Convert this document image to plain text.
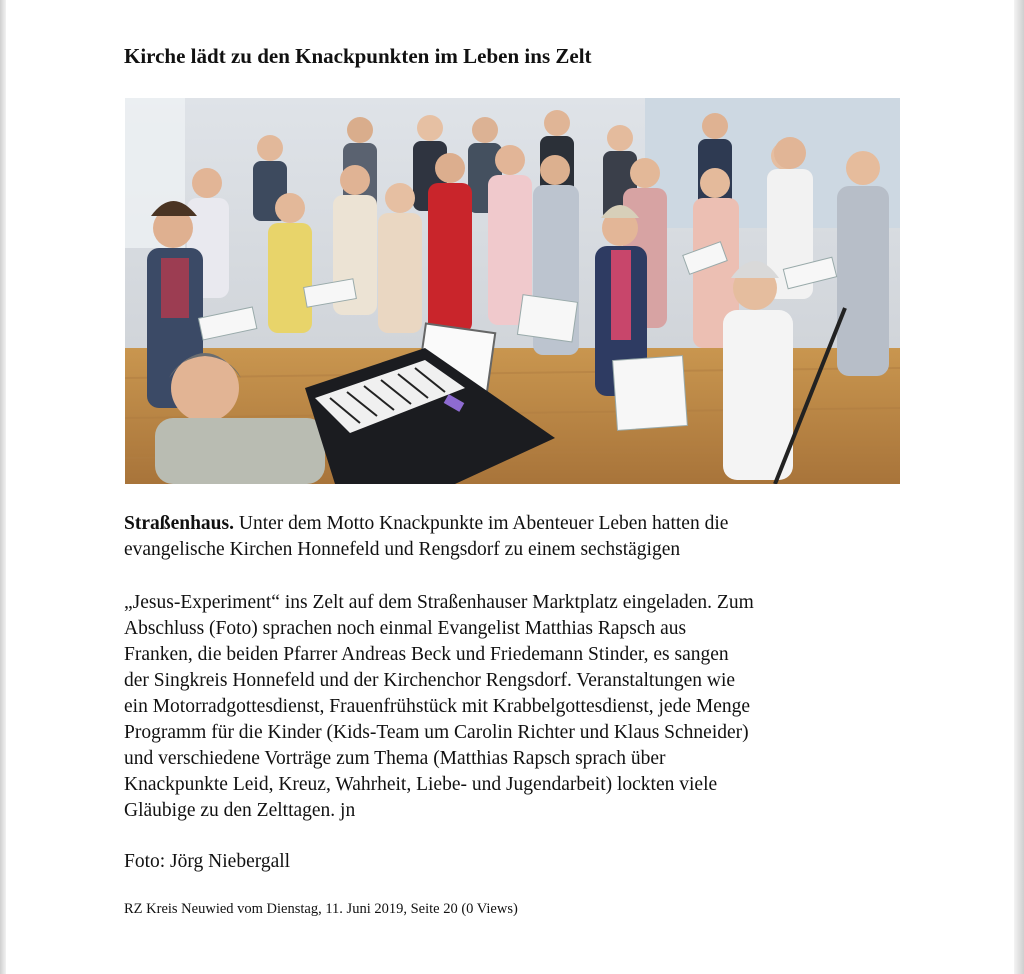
Kirche lädt zu den Knackpunkten im Leben ins Zelt
Straßenhaus. Unter dem Motto Knackpunkte im Abenteuer Leben hatten die
evangelische Kirchen Honnefeld und Rengsdorf zu einem sechstägigen
„Jesus-Experiment“ ins Zelt auf dem Straßenhauser Marktplatz eingeladen. Zum
Abschluss (Foto) sprachen noch einmal Evangelist Matthias Rapsch aus
Franken, die beiden Pfarrer Andreas Beck und Friedemann Stinder, es sangen
der Singkreis Honnefeld und der Kirchenchor Rengsdorf. Veranstaltungen wie
ein Motorradgottesdienst, Frauenfrühstück mit Krabbelgottesdienst, jede Menge
Programm für die Kinder (Kids-Team um Carolin Richter und Klaus Schneider)
und verschiedene Vorträge zum Thema (Matthias Rapsch sprach über
Knackpunkte Leid, Kreuz, Wahrheit, Liebe- und Jugendarbeit) lockten viele
Gläubige zu den Zelttagen. jn
Foto: Jörg Niebergall
RZ Kreis Neuwied vom Dienstag, 11. Juni 2019, Seite 20 (0 Views)
